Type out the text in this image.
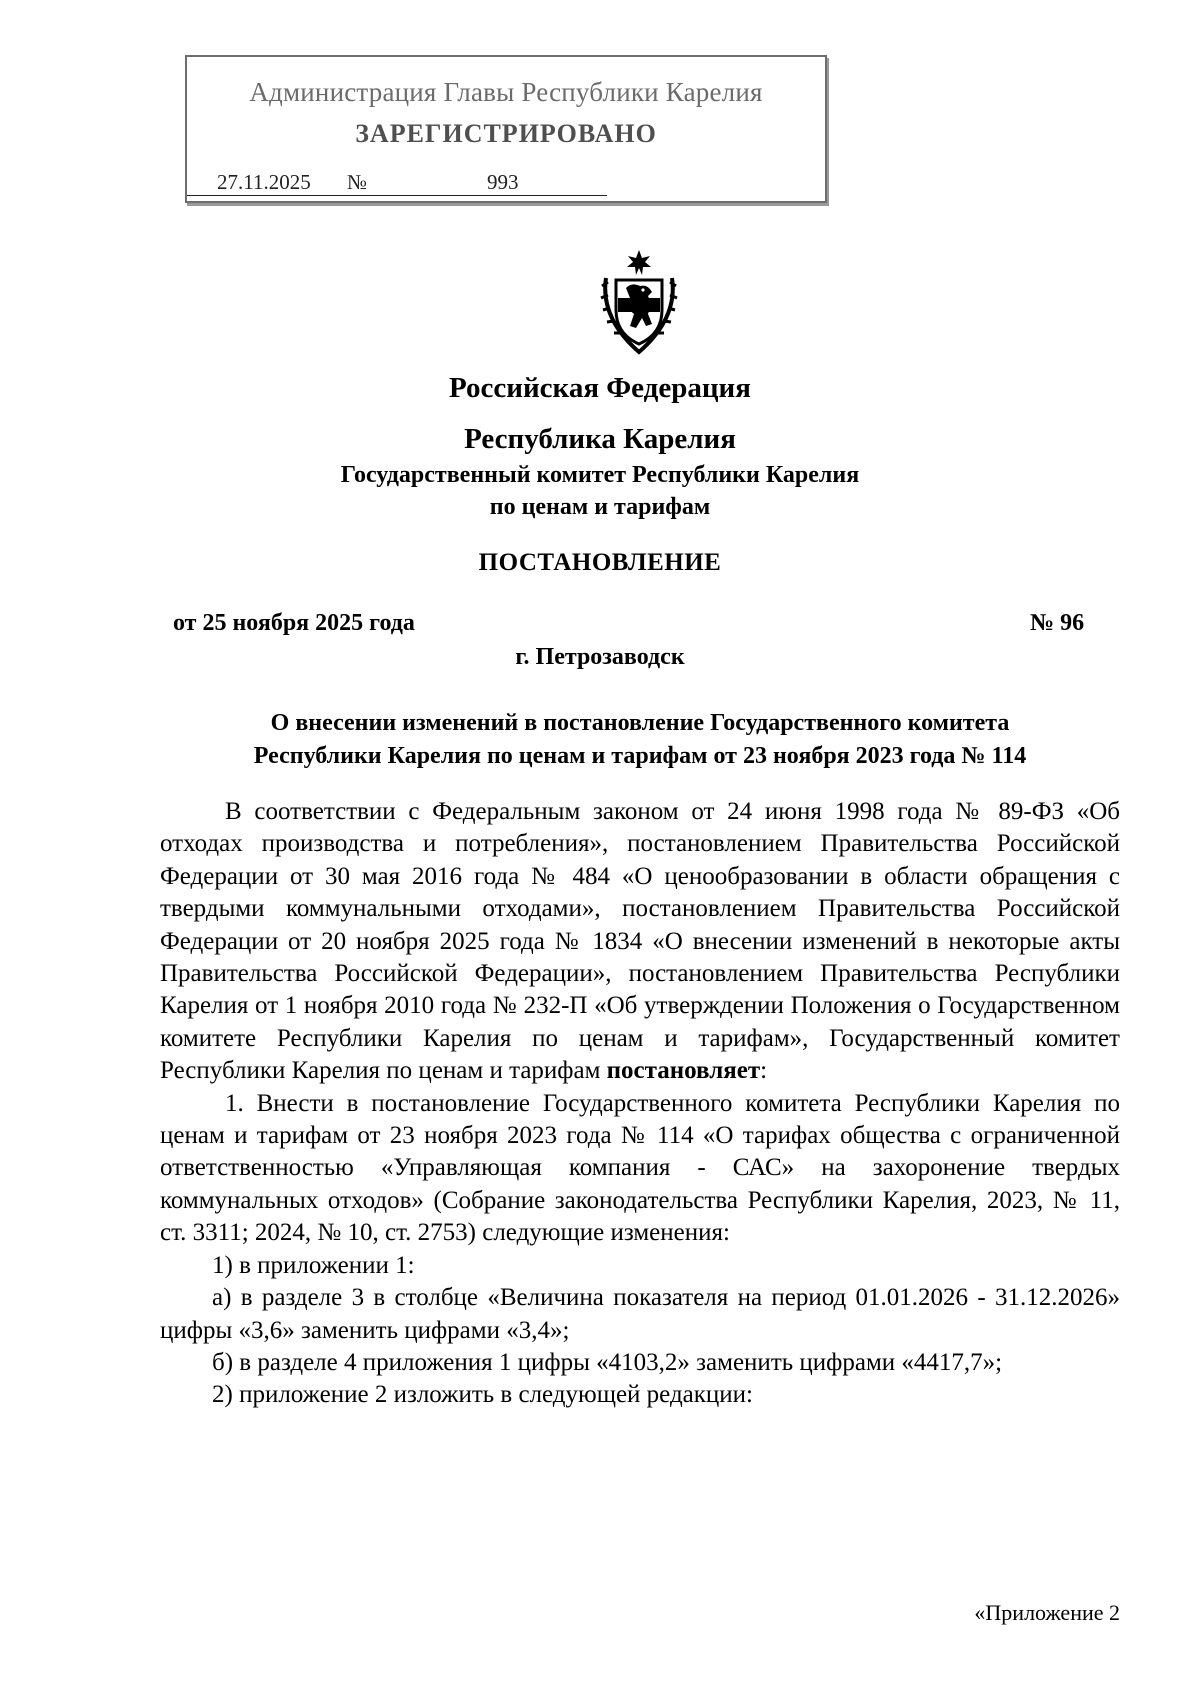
Администрация Главы Республики Карелия
ЗАРЕГИСТРИРОВАНО
27.11.2025 №	993
Российская Федерация
Республика Карелия
Государственный комитет Республики Карелия
по ценам и тарифам
ПОСТАНОВЛЕНИЕ
от 25 ноября 2025 года	№ 96
г. Петрозаводск
О внесении изменений в постановление Государственного комитета
Республики Карелия по ценам и тарифам от 23 ноября 2023 года № 114

В соответствии с Федеральным законом от 24 июня 1998 года № 89-ФЗ «Об отходах производства и потребления», постановлением Правительства Российской Федерации от 30 мая 2016 года № 484 «О ценообразовании в области обращения с твердыми коммунальными отходами», постановлением Правительства Российской Федерации от 20 ноября 2025 года № 1834 «О внесении изменений в некоторые акты Правительства Российской Федерации», постановлением Правительства Республики Карелия от 1 ноября 2010 года № 232-П «Об утверждении Положения о Государственном комитете Республики Карелия по ценам и тарифам», Государственный комитет Республики Карелия по ценам и тарифам постановляет:

1. Внести в постановление Государственного комитета Республики Карелия по ценам и тарифам от 23 ноября 2023 года № 114 «О тарифах общества с ограниченной ответственностью «Управляющая компания - САС» на захоронение твердых коммунальных отходов» (Собрание законодательства Республики Карелия, 2023, № 11, ст. 3311; 2024, № 10, ст. 2753) следующие изменения:

1) в приложении 1:

а) в разделе 3 в столбце «Величина показателя на период 01.01.2026 - 31.12.2026» цифры «3,6» заменить цифрами «3,4»;

б) в разделе 4 приложения 1 цифры «4103,2» заменить цифрами «4417,7»;

2) приложение 2 изложить в следующей редакции:

«Приложение 2
